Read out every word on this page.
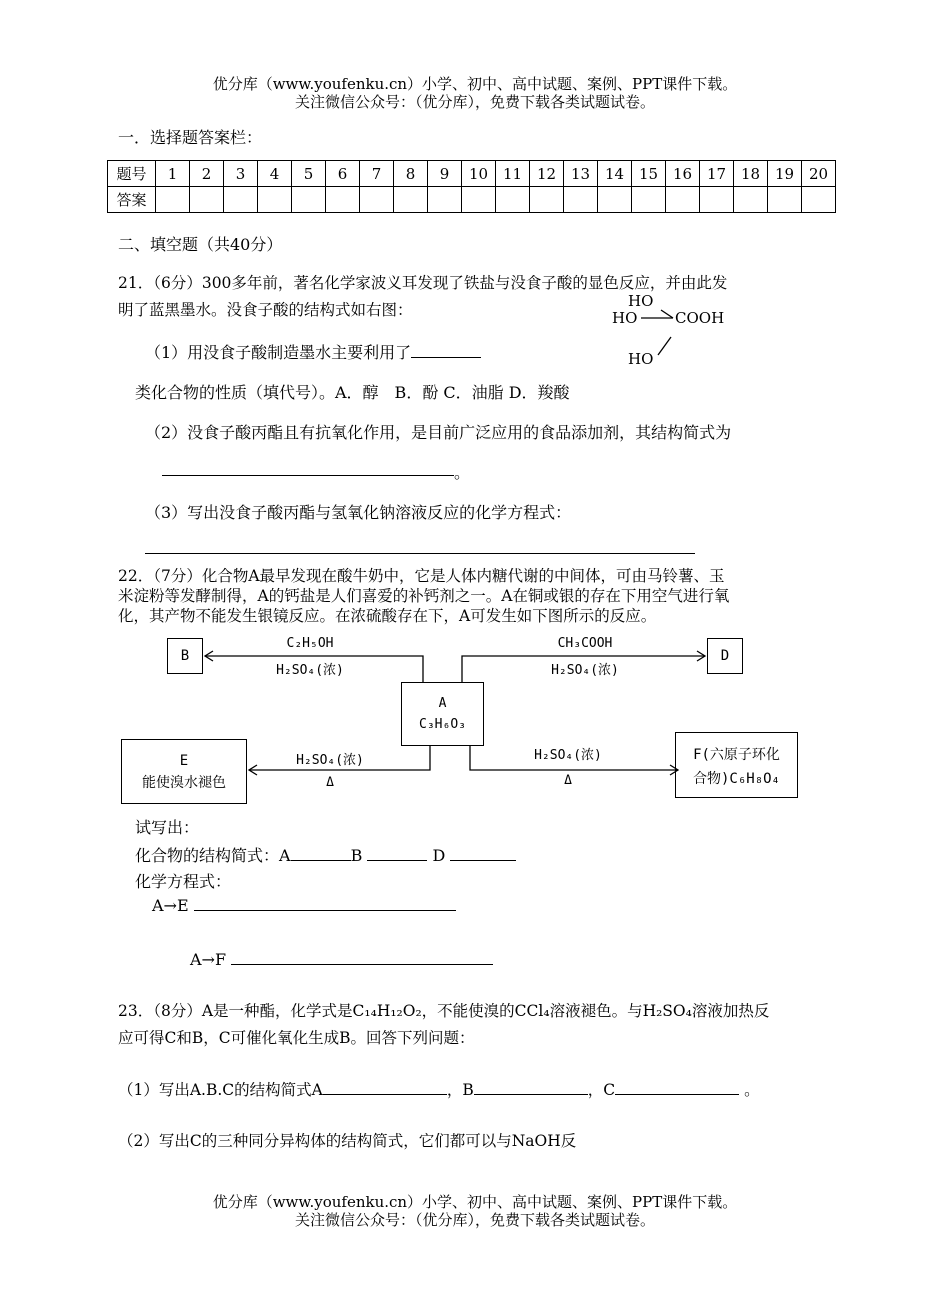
优分库（www.youfenku.cn）小学、初中、高中试题、案例、PPT课件下载。
关注微信公众号：（优分库），免费下载各类试题试卷。
一．选择题答案栏：
题号	1	2	3	4	5	6	7	8	9	10	11	12	13	14	15	16	17	18	19	20
答案																				
二、填空题（共40分）
21．（6分）300多年前，著名化学家波义耳发现了铁盐与没食子酸的显色反应，并由此发
明了蓝黑墨水。没食子酸的结构式如右图：	HO
HO	COOH
HO
（1）用没食子酸制造墨水主要利用了
类化合物的性质（填代号）。A．醇　B．酚 C．油脂 D．羧酸
（2）没食子酸丙酯且有抗氧化作用，是目前广泛应用的食品添加剂，其结构简式为
。
（3）写出没食子酸丙酯与氢氧化钠溶液反应的化学方程式：
22．（7分）化合物A最早发现在酸牛奶中，它是人体内糖代谢的中间体，可由马铃薯、玉
米淀粉等发酵制得，A的钙盐是人们喜爱的补钙剂之一。A在铜或银的存在下用空气进行氧
化，其产物不能发生银镜反应。在浓硫酸存在下，A可发生如下图所示的反应。
B	D
A
C₃H₆O₃
E
能使溴水褪色
F(六原子环化
合物)C₆H₈O₄
C₂H₅OH
H₂SO₄(浓)
CH₃COOH
H₂SO₄(浓)
H₂SO₄(浓)
Δ
H₂SO₄(浓)
Δ
试写出：
化合物的结构简式：A	B	D
化学方程式：
A→E
A→F
23．（8分）A是一种酯，化学式是C₁₄H₁₂O₂，不能使溴的CCl₄溶液褪色。与H₂SO₄溶液加热反
应可得C和B，C可催化氧化生成B。回答下列问题：
（1）写出A.B.C的结构简式A	，B	，C	。
（2）写出C的三种同分异构体的结构简式，它们都可以与NaOH反
优分库（www.youfenku.cn）小学、初中、高中试题、案例、PPT课件下载。
关注微信公众号：（优分库），免费下载各类试题试卷。
